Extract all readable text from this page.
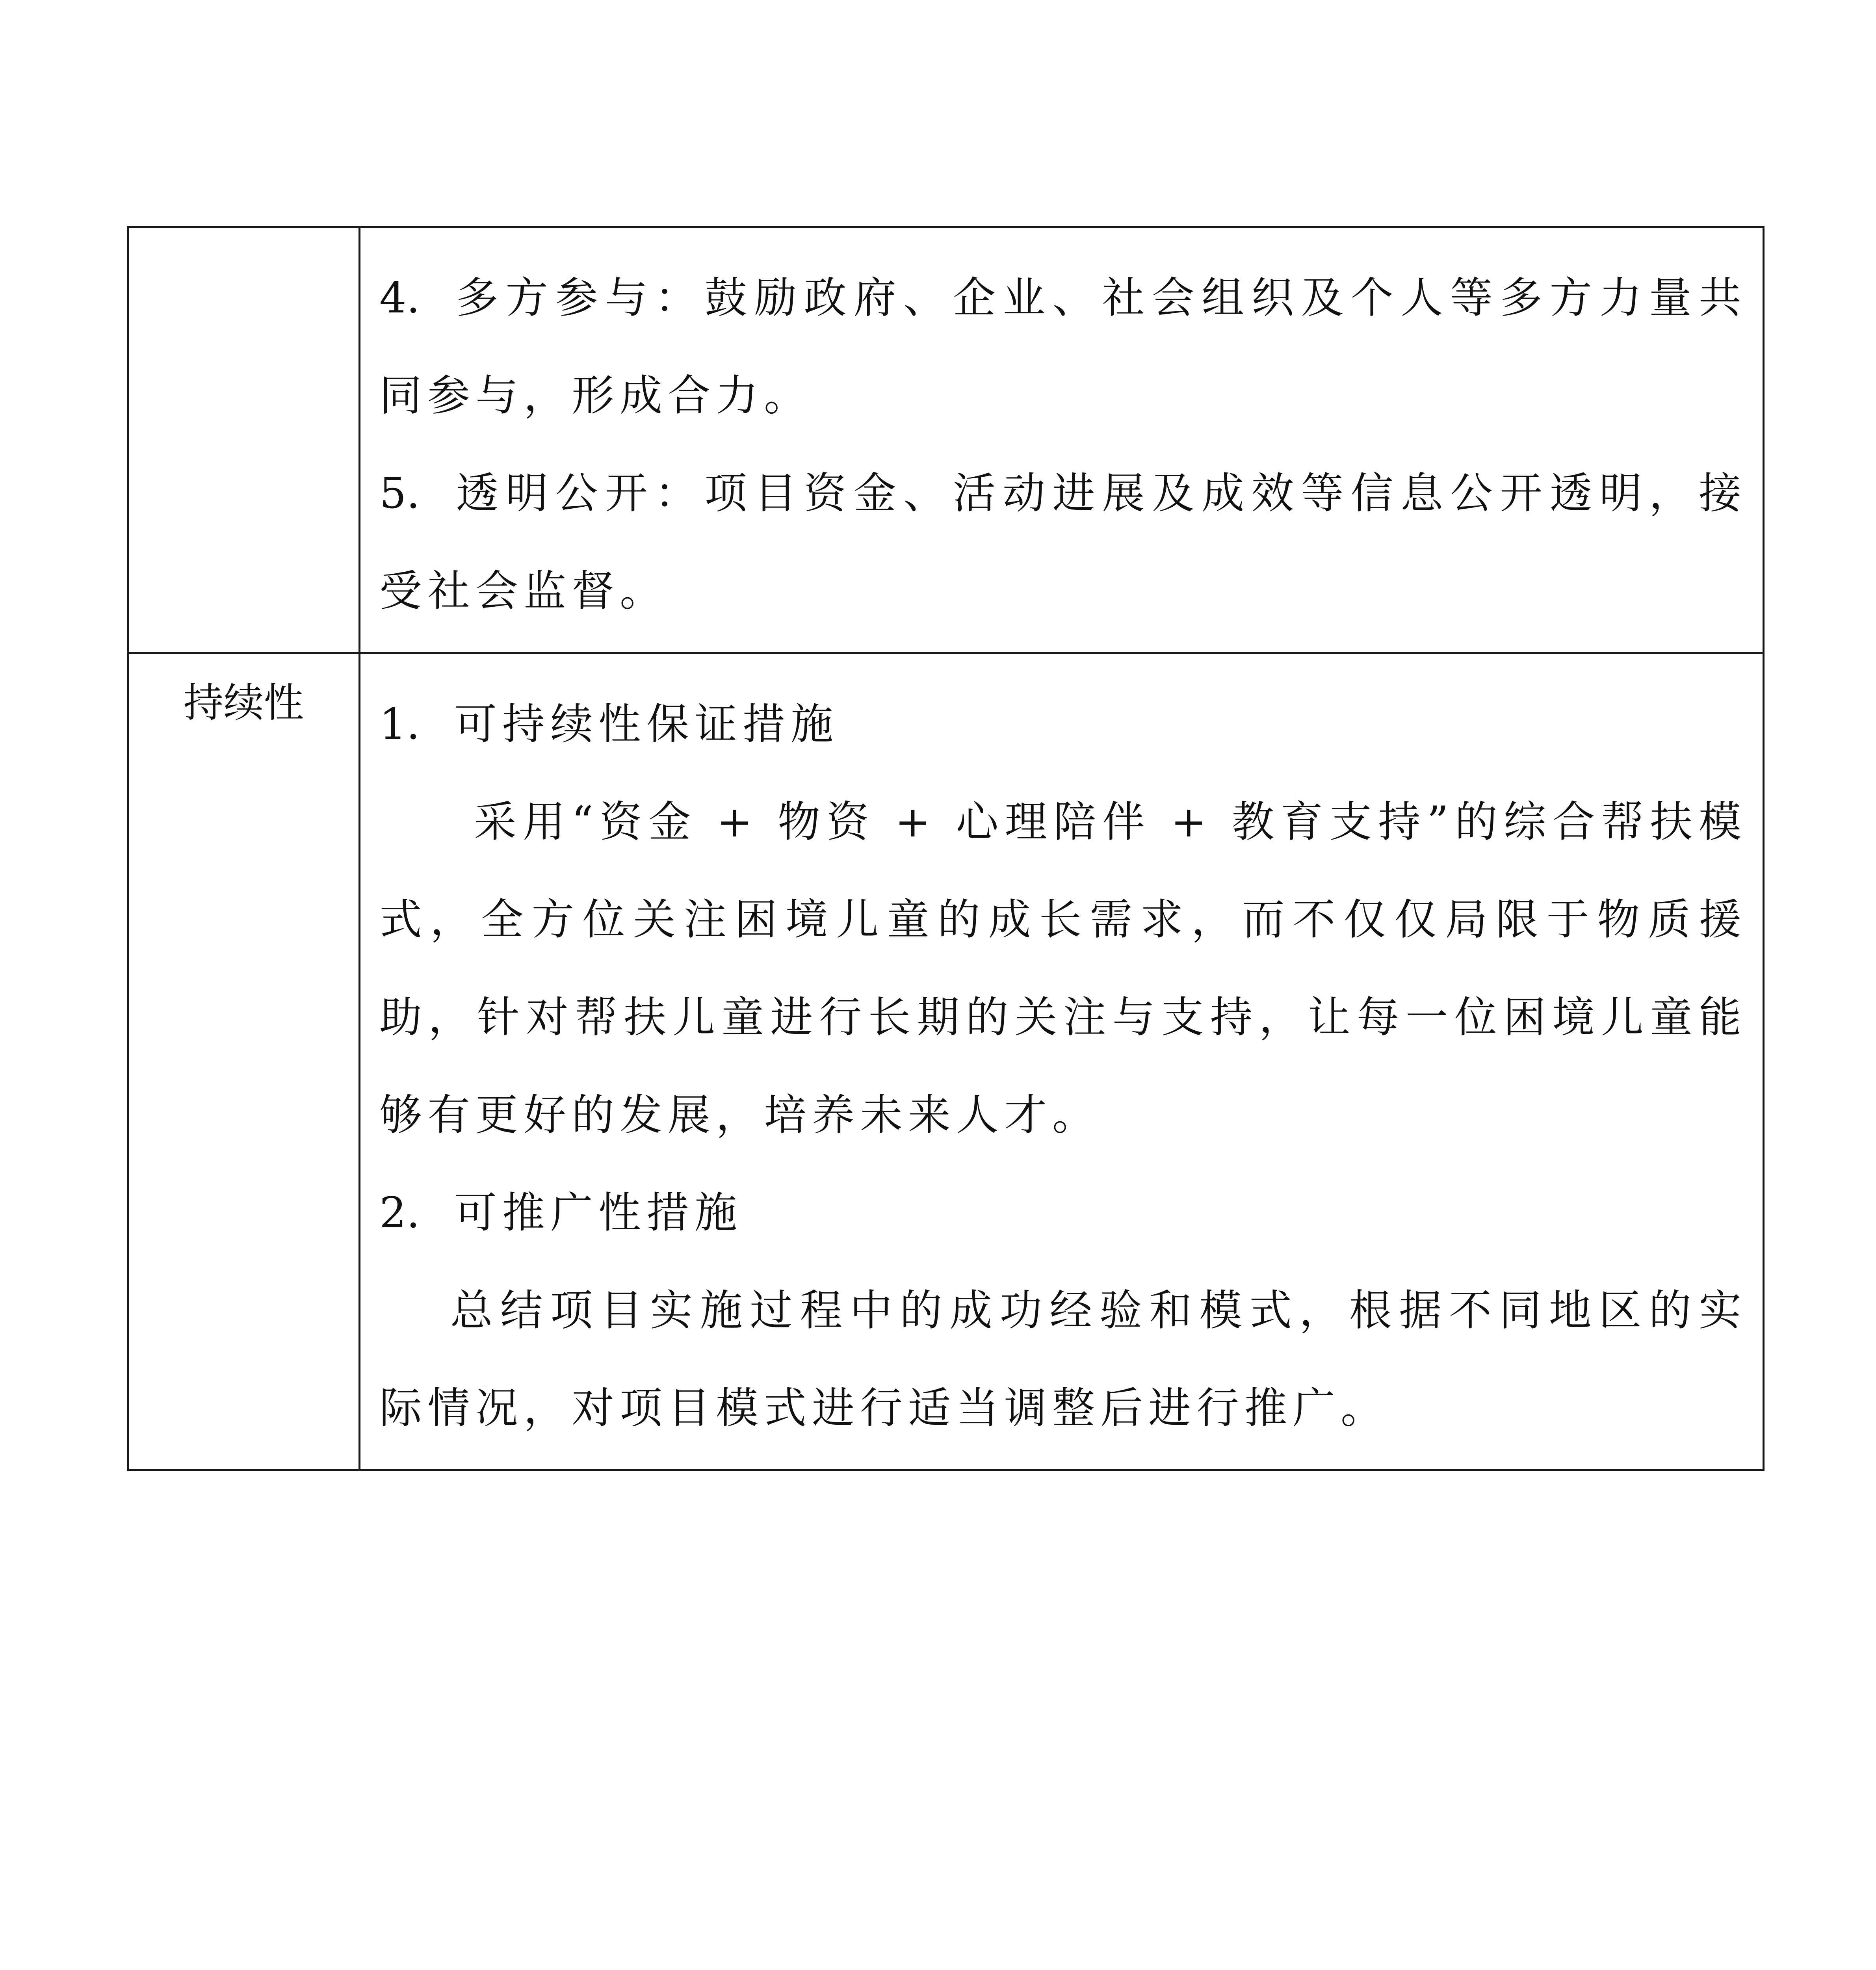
	4. 多方参与：鼓励政府、企业、社会组织及个人等多方力量共同参与，形成合力。

5. 透明公开：项目资金、活动进展及成效等信息公开透明，接受社会监督。

持续性	1. 可持续性保证措施

采用“资金 + 物资 + 心理陪伴 + 教育支持”的综合帮扶模式，全方位关注困境儿童的成长需求，而不仅仅局限于物质援助，针对帮扶儿童进行长期的关注与支持，让每一位困境儿童能够有更好的发展，培养未来人才。

2. 可推广性措施

总结项目实施过程中的成功经验和模式，根据不同地区的实际情况，对项目模式进行适当调整后进行推广。
